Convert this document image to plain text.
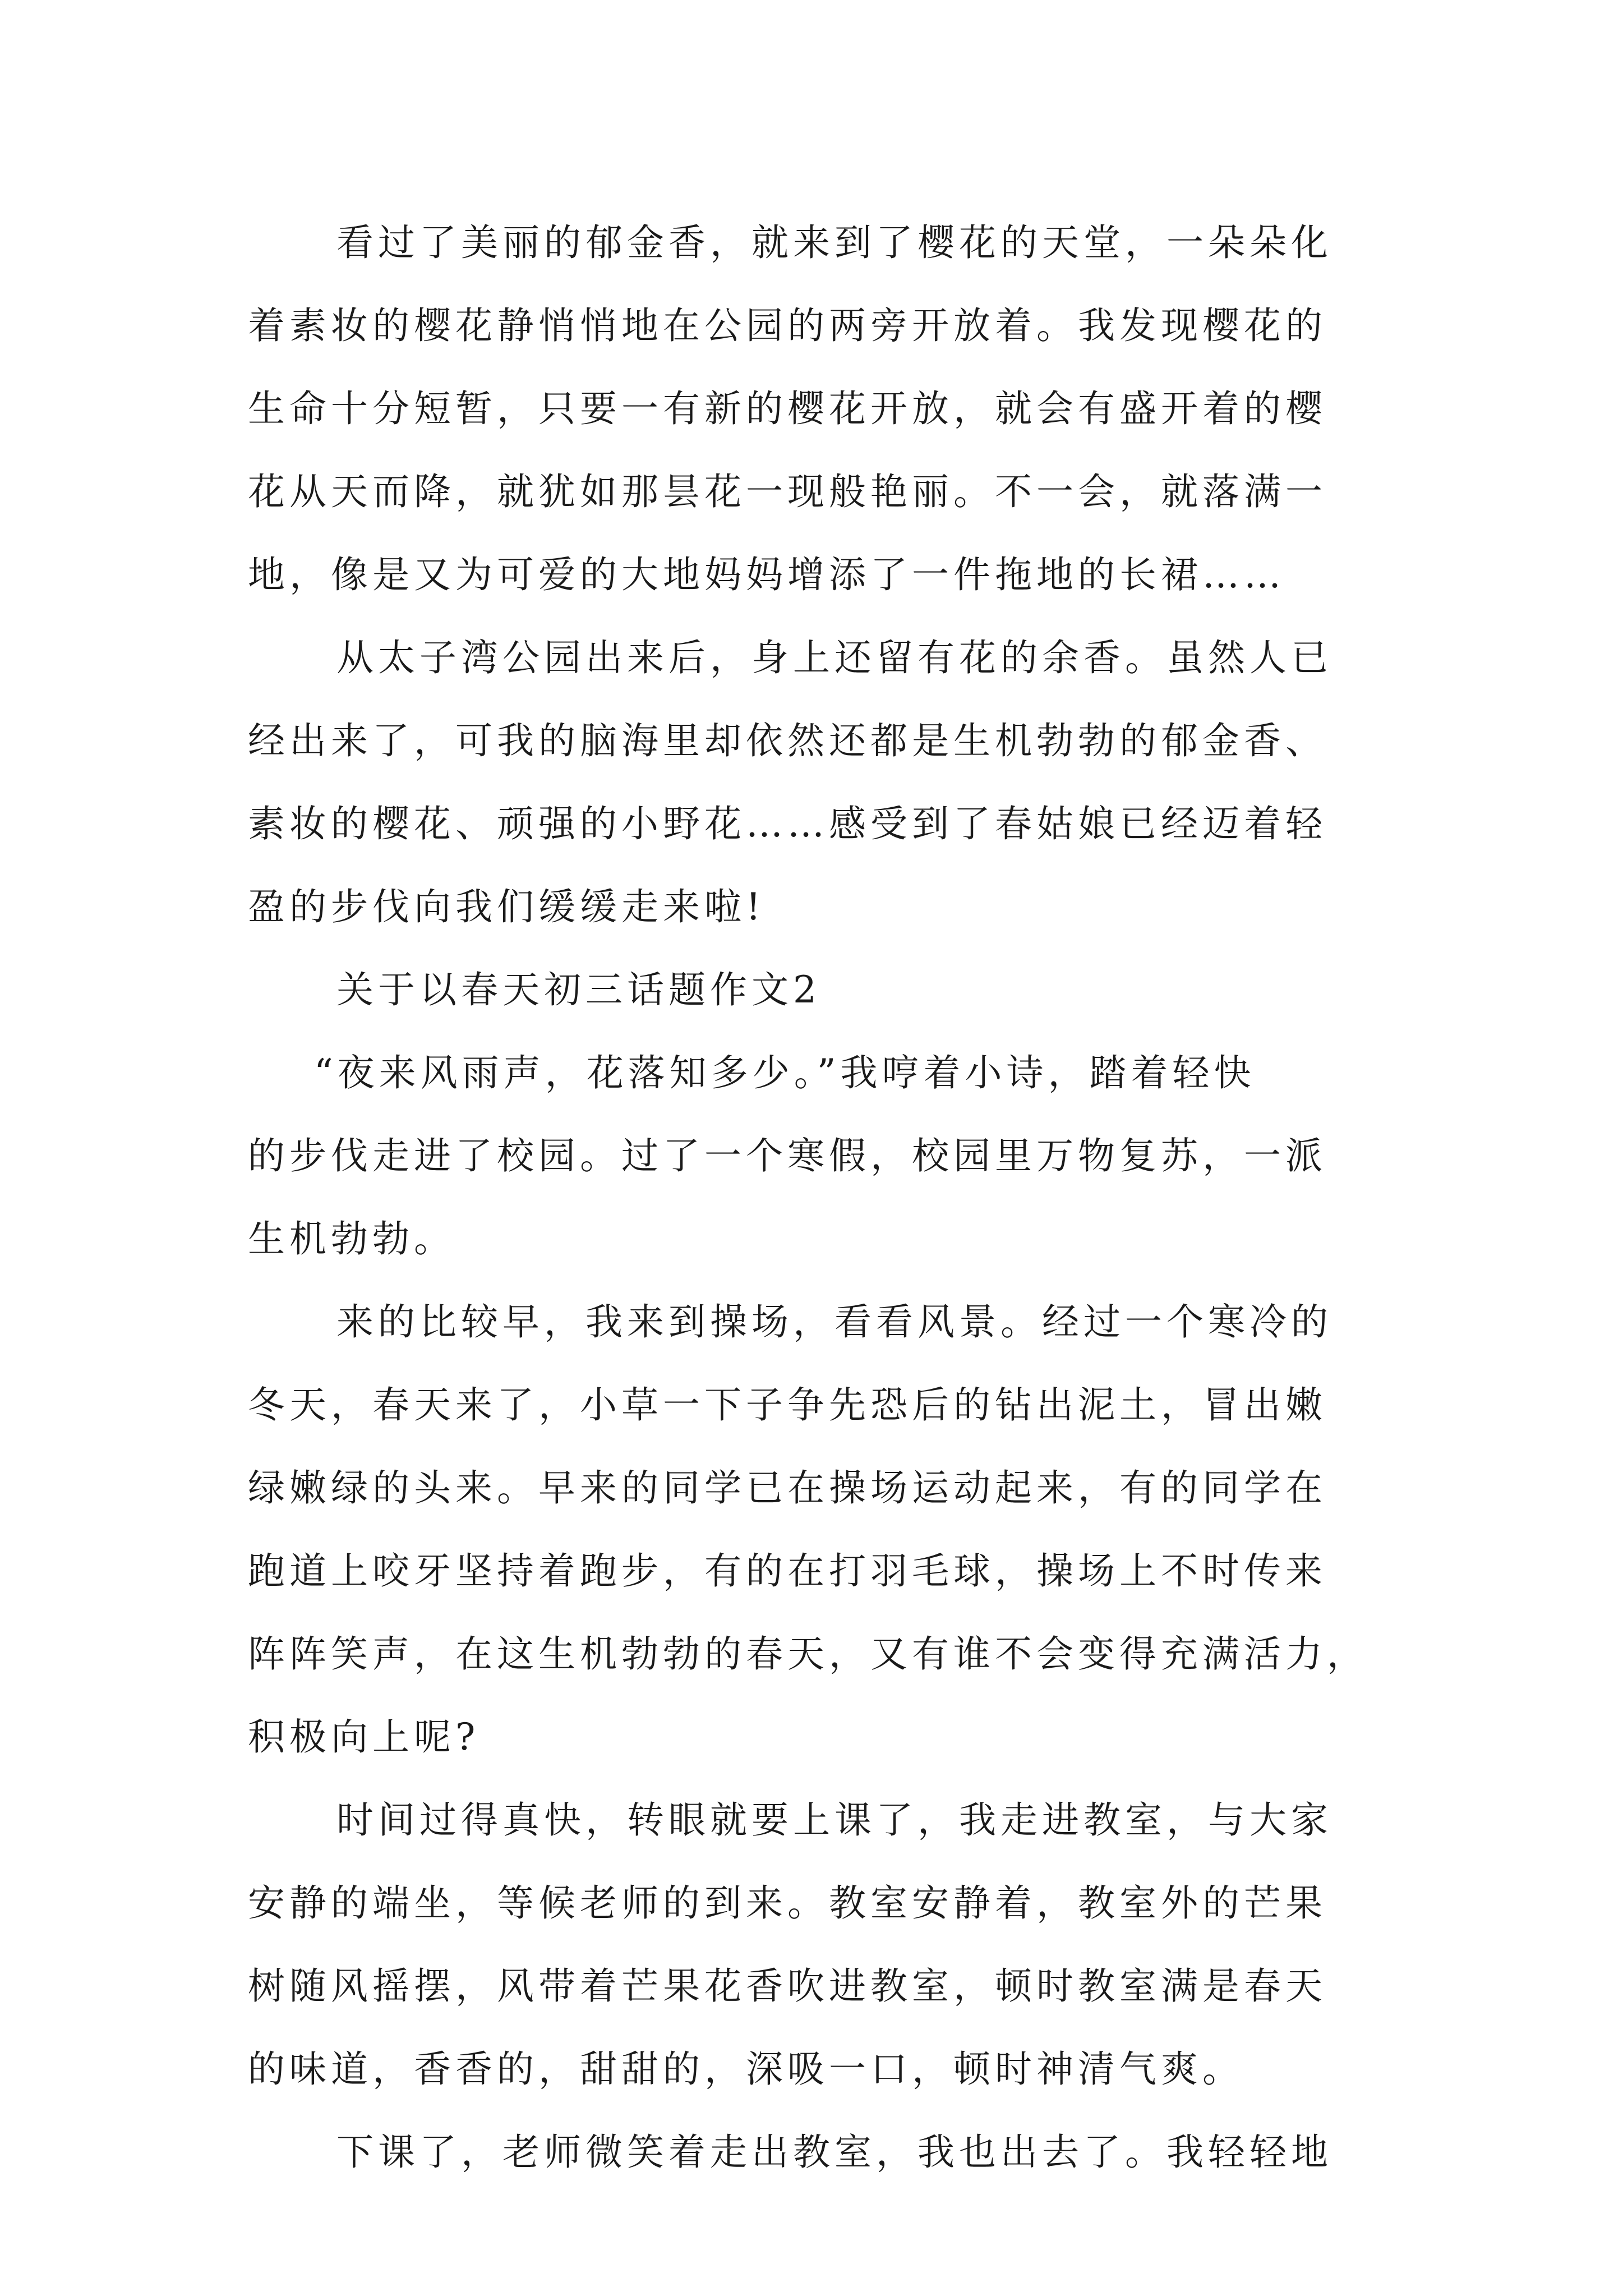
看过了美丽的郁金香，就来到了樱花的天堂，一朵朵化
着素妆的樱花静悄悄地在公园的两旁开放着。我发现樱花的
生命十分短暂，只要一有新的樱花开放，就会有盛开着的樱
花从天而降，就犹如那昙花一现般艳丽。不一会，就落满一
地，像是又为可爱的大地妈妈增添了一件拖地的长裙……
从太子湾公园出来后，身上还留有花的余香。虽然人已
经出来了，可我的脑海里却依然还都是生机勃勃的郁金香、
素妆的樱花、顽强的小野花……感受到了春姑娘已经迈着轻
盈的步伐向我们缓缓走来啦!
关于以春天初三话题作文2
“夜来风雨声，花落知多少。”我哼着小诗，踏着轻快
的步伐走进了校园。过了一个寒假，校园里万物复苏，一派
生机勃勃。
来的比较早，我来到操场，看看风景。经过一个寒冷的
冬天，春天来了，小草一下子争先恐后的钻出泥土，冒出嫩
绿嫩绿的头来。早来的同学已在操场运动起来，有的同学在
跑道上咬牙坚持着跑步，有的在打羽毛球，操场上不时传来
阵阵笑声，在这生机勃勃的春天，又有谁不会变得充满活力，
积极向上呢?
时间过得真快，转眼就要上课了，我走进教室，与大家
安静的端坐，等候老师的到来。教室安静着，教室外的芒果
树随风摇摆，风带着芒果花香吹进教室，顿时教室满是春天
的味道，香香的，甜甜的，深吸一口，顿时神清气爽。
下课了，老师微笑着走出教室，我也出去了。我轻轻地
